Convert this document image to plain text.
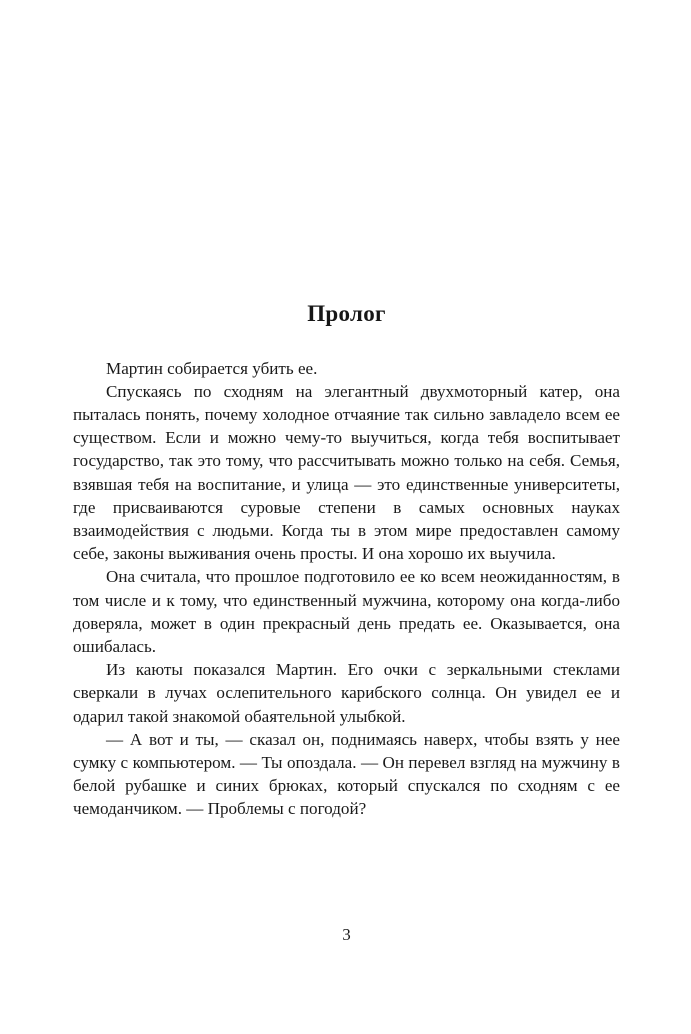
Пролог

Мартин собирается убить ее.

Спускаясь по сходням на элегантный двухмоторный катер, она пыталась понять, почему холодное отчаяние так сильно завладело всем ее существом. Если и можно чему-то выучиться, когда тебя воспитывает государство, так это тому, что рассчитывать можно только на себя. Семья, взявшая тебя на воспитание, и улица — это единственные университеты, где присваиваются суровые степени в самых основных науках взаимодействия с людьми. Когда ты в этом мире предоставлен самому себе, законы выживания очень просты. И она хорошо их выучила.

Она считала, что прошлое подготовило ее ко всем неожиданностям, в том числе и к тому, что единственный мужчина, которому она когда-либо доверяла, может в один прекрасный день предать ее. Оказывается, она ошибалась.

Из каюты показался Мартин. Его очки с зеркальными стеклами сверкали в лучах ослепительного карибского солнца. Он увидел ее и одарил такой знакомой обаятельной улыбкой.

— А вот и ты, — сказал он, поднимаясь наверх, чтобы взять у нее сумку с компьютером. — Ты опоздала. — Он перевел взгляд на мужчину в белой рубашке и синих брюках, который спускался по сходням с ее чемоданчиком. — Проблемы с погодой?

3
